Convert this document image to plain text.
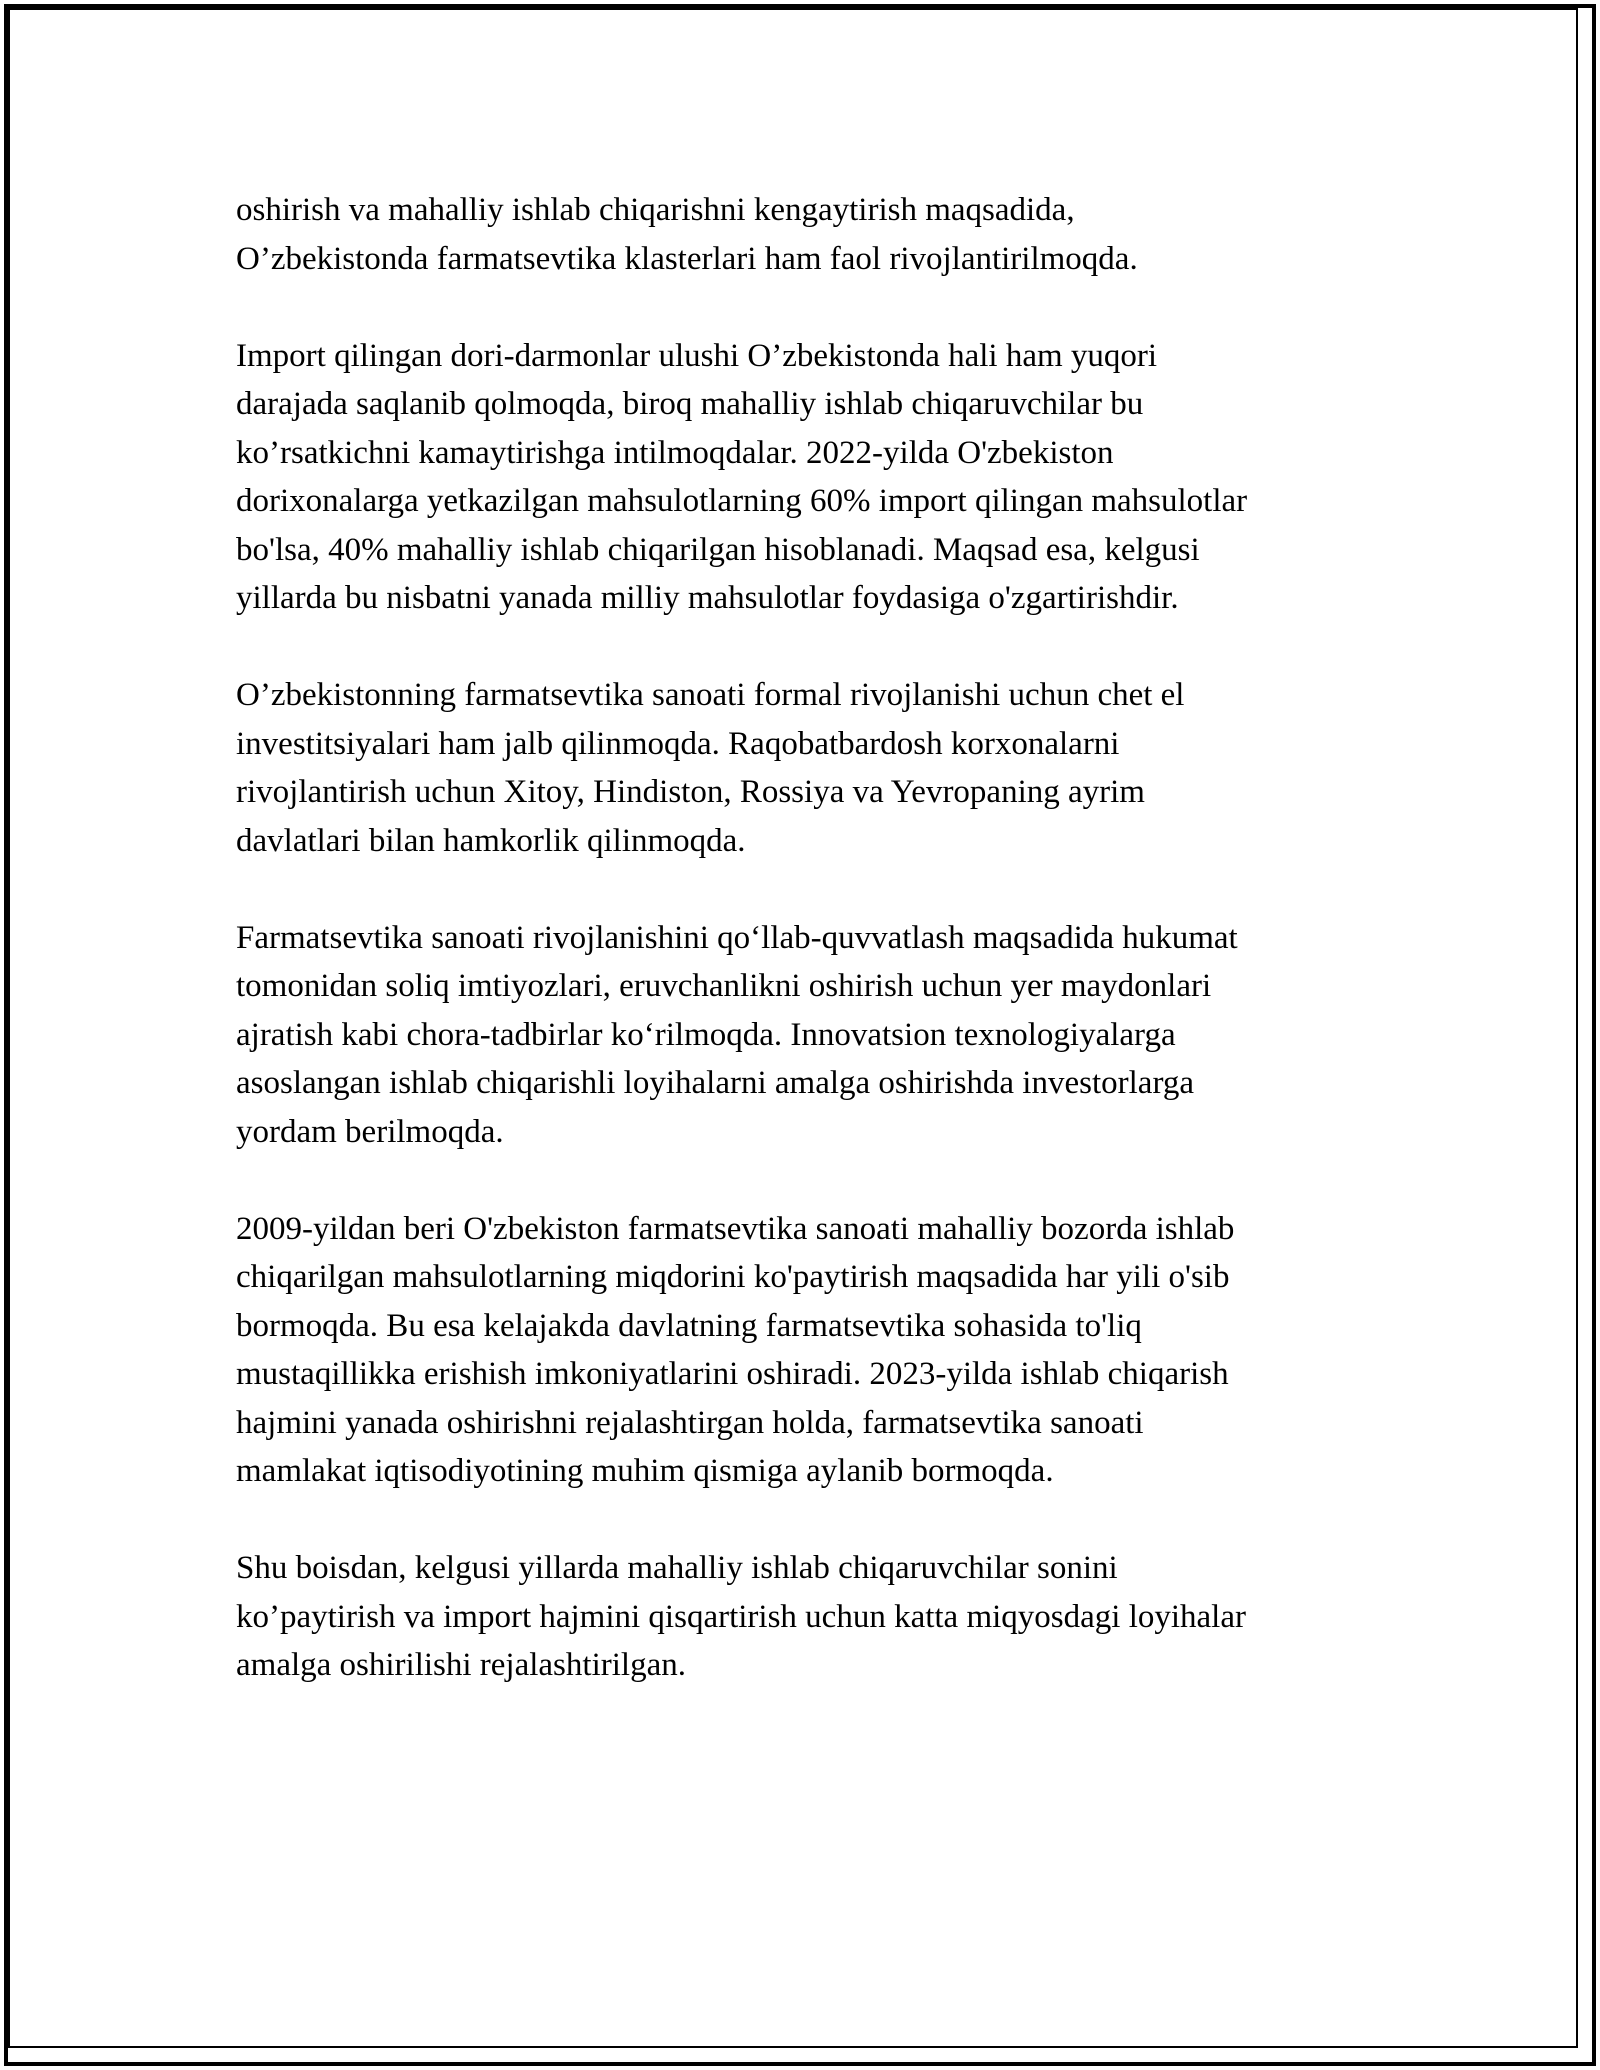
oshirish va mahalliy ishlab chiqarishni kengaytirish maqsadida,
O’zbekistonda farmatsevtika klasterlari ham faol rivojlantirilmoqda.

Import qilingan dori-darmonlar ulushi O’zbekistonda hali ham yuqori
darajada saqlanib qolmoqda, biroq mahalliy ishlab chiqaruvchilar bu
ko’rsatkichni kamaytirishga intilmoqdalar. 2022-yilda O'zbekiston
dorixonalarga yetkazilgan mahsulotlarning 60% import qilingan mahsulotlar
bo'lsa, 40% mahalliy ishlab chiqarilgan hisoblanadi. Maqsad esa, kelgusi
yillarda bu nisbatni yanada milliy mahsulotlar foydasiga o'zgartirishdir.

O’zbekistonning farmatsevtika sanoati formal rivojlanishi uchun chet el
investitsiyalari ham jalb qilinmoqda. Raqobatbardosh korxonalarni
rivojlantirish uchun Xitoy, Hindiston, Rossiya va Yevropaning ayrim
davlatlari bilan hamkorlik qilinmoqda.

Farmatsevtika sanoati rivojlanishini qo‘llab-quvvatlash maqsadida hukumat
tomonidan soliq imtiyozlari, eruvchanlikni oshirish uchun yer maydonlari
ajratish kabi chora-tadbirlar ko‘rilmoqda. Innovatsion texnologiyalarga
asoslangan ishlab chiqarishli loyihalarni amalga oshirishda investorlarga
yordam berilmoqda.

2009-yildan beri O'zbekiston farmatsevtika sanoati mahalliy bozorda ishlab
chiqarilgan mahsulotlarning miqdorini ko'paytirish maqsadida har yili o'sib
bormoqda. Bu esa kelajakda davlatning farmatsevtika sohasida to'liq
mustaqillikka erishish imkoniyatlarini oshiradi. 2023-yilda ishlab chiqarish
hajmini yanada oshirishni rejalashtirgan holda, farmatsevtika sanoati
mamlakat iqtisodiyotining muhim qismiga aylanib bormoqda.

Shu boisdan, kelgusi yillarda mahalliy ishlab chiqaruvchilar sonini
ko’paytirish va import hajmini qisqartirish uchun katta miqyosdagi loyihalar
amalga oshirilishi rejalashtirilgan.
